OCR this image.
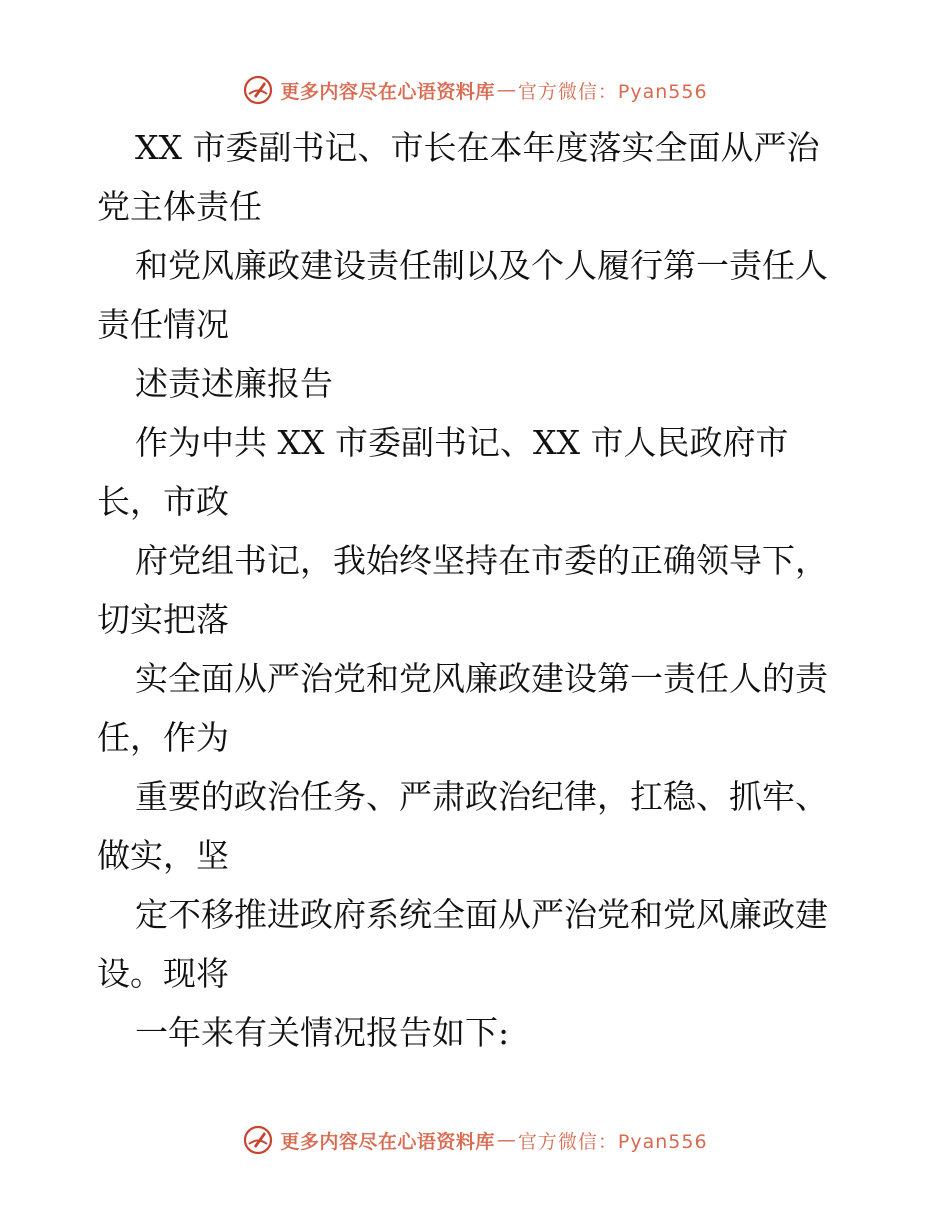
更多内容尽在心语资料库 — 官方微信：Pyan556
XX 市委副书记、市长在本年度落实全面从严治
党主体责任
和党风廉政建设责任制以及个人履行第一责任人
责任情况
述责述廉报告
作为中共 XX 市委副书记、XX 市人民政府市
长，市政
府党组书记，我始终坚持在市委的正确领导下，
切实把落
实全面从严治党和党风廉政建设第一责任人的责
任，作为
重要的政治任务、严肃政治纪律，扛稳、抓牢、
做实，坚
定不移推进政府系统全面从严治党和党风廉政建
设。现将
一年来有关情况报告如下:
更多内容尽在心语资料库 — 官方微信：Pyan556
